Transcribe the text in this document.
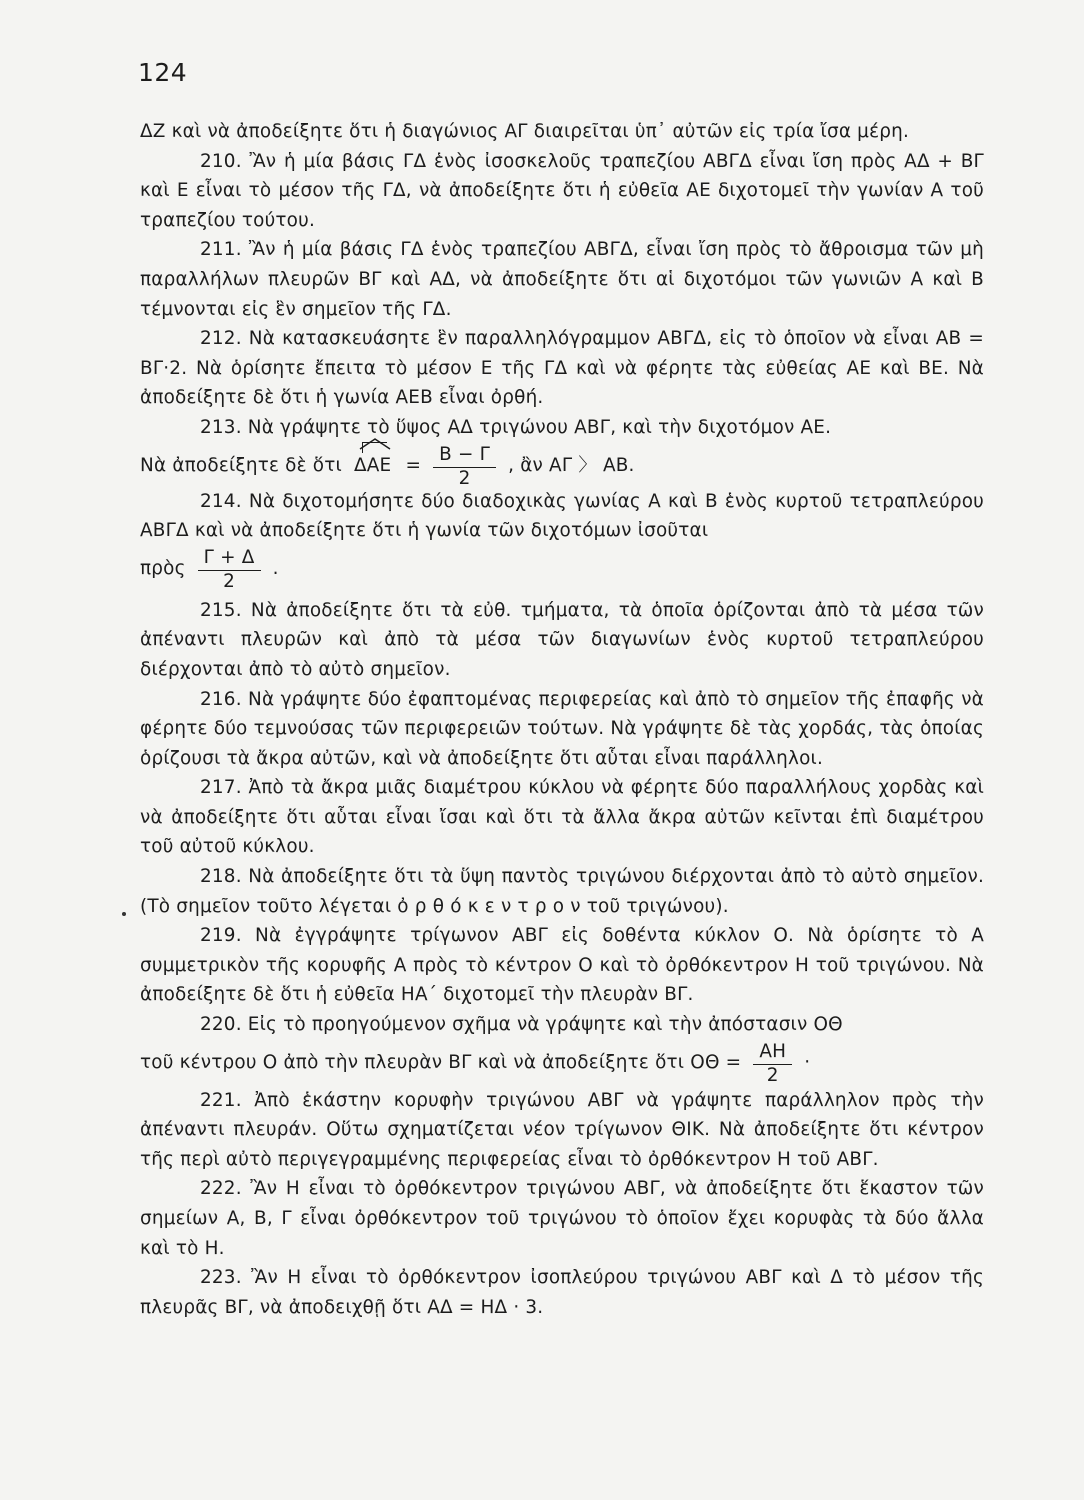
124

ΔΖ καὶ νὰ ἀποδείξητε ὅτι ἡ διαγώνιος ΑΓ διαιρεῖται ὑπ᾽ αὐτῶν εἰς τρία ἴσα μέρη.

210. Ἂν ἡ μία βάσις ΓΔ ἑνὸς ἰσοσκελοῦς τραπεζίου ΑΒΓΔ εἶναι ἴση πρὸς ΑΔ + ΒΓ καὶ Ε εἶναι τὸ μέσον τῆς ΓΔ, νὰ ἀποδείξητε ὅτι ἡ εὐθεῖα ΑΕ διχοτομεῖ τὴν γωνίαν Α τοῦ τραπεζίου τούτου.

211. Ἂν ἡ μία βάσις ΓΔ ἑνὸς τραπεζίου ΑΒΓΔ, εἶναι ἴση πρὸς τὸ ἄθροισμα τῶν μὴ παραλλήλων πλευρῶν ΒΓ καὶ ΑΔ, νὰ ἀποδείξητε ὅτι αἱ διχοτόμοι τῶν γωνιῶν Α καὶ Β τέμνονται εἰς ἓν σημεῖον τῆς ΓΔ.

212. Νὰ κατασκευάσητε ἓν παραλληλόγραμμον ΑΒΓΔ, εἰς τὸ ὁποῖον νὰ εἶναι ΑΒ = ΒΓ·2. Νὰ ὁρίσητε ἔπειτα τὸ μέσον Ε τῆς ΓΔ καὶ νὰ φέρητε τὰς εὐθείας ΑΕ καὶ ΒΕ. Νὰ ἀποδείξητε δὲ ὅτι ἡ γωνία ΑΕΒ εἶναι ὀρθή.

213. Νὰ γράψητε τὸ ὕψος ΑΔ τριγώνου ΑΒΓ, καὶ τὴν διχοτόμον ΑΕ.

Νὰ ἀποδείξητε δὲ ὅτι $\Delta AE = \frac{B - \Gamma}{2}$ , ἂν ΑΓ 〉 ΑΒ.

214. Νὰ διχοτομήσητε δύο διαδοχικὰς γωνίας Α καὶ Β ἑνὸς κυρτοῦ τετραπλεύρου ΑΒΓΔ καὶ νὰ ἀποδείξητε ὅτι ἡ γωνία τῶν διχοτόμων ἰσοῦται

πρὸς $\frac{\Gamma + \Delta}{2}$ .

215. Νὰ ἀποδείξητε ὅτι τὰ εὐθ. τμήματα, τὰ ὁποῖα ὁρίζονται ἀπὸ τὰ μέσα τῶν ἀπέναντι πλευρῶν καὶ ἀπὸ τὰ μέσα τῶν διαγωνίων ἑνὸς κυρτοῦ τετραπλεύρου διέρχονται ἀπὸ τὸ αὐτὸ σημεῖον.

216. Νὰ γράψητε δύο ἐφαπτομένας περιφερείας καὶ ἀπὸ τὸ σημεῖον τῆς ἐπαφῆς νὰ φέρητε δύο τεμνούσας τῶν περιφερειῶν τούτων. Νὰ γράψητε δὲ τὰς χορδάς, τὰς ὁποίας ὁρίζουσι τὰ ἄκρα αὐτῶν, καὶ νὰ ἀποδείξητε ὅτι αὗται εἶναι παράλληλοι.

217. Ἀπὸ τὰ ἄκρα μιᾶς διαμέτρου κύκλου νὰ φέρητε δύο παραλλήλους χορδὰς καὶ νὰ ἀποδείξητε ὅτι αὗται εἶναι ἴσαι καὶ ὅτι τὰ ἄλλα ἄκρα αὐτῶν κεῖνται ἐπὶ διαμέτρου τοῦ αὐτοῦ κύκλου.

218. Νὰ ἀποδείξητε ὅτι τὰ ὕψη παντὸς τριγώνου διέρχονται ἀπὸ τὸ αὐτὸ σημεῖον. (Τὸ σημεῖον τοῦτο λέγεται ὀ ρ θ ό κ ε ν τ ρ ο ν τοῦ τριγώνου).

219. Νὰ ἐγγράψητε τρίγωνον ΑΒΓ εἰς δοθέντα κύκλον Ο. Νὰ ὁρίσητε τὸ Α συμμετρικὸν τῆς κορυφῆς Α πρὸς τὸ κέντρον Ο καὶ τὸ ὀρθόκεντρον Η τοῦ τριγώνου. Νὰ ἀποδείξητε δὲ ὅτι ἡ εὐθεῖα ΗΑ΄ διχοτομεῖ τὴν πλευρὰν ΒΓ.

220. Εἰς τὸ προηγούμενον σχῆμα νὰ γράψητε καὶ τὴν ἀπόστασιν ΟΘ

τοῦ κέντρου Ο ἀπὸ τὴν πλευρὰν ΒΓ καὶ νὰ ἀποδείξητε ὅτι $O\Theta = \frac{AH}{2}$ ·

221. Ἀπὸ ἑκάστην κορυφὴν τριγώνου ΑΒΓ νὰ γράψητε παράλληλον πρὸς τὴν ἀπέναντι πλευράν. Οὕτω σχηματίζεται νέον τρίγωνον ΘΙΚ. Νὰ ἀποδείξητε ὅτι κέντρον τῆς περὶ αὐτὸ περιγεγραμμένης περιφερείας εἶναι τὸ ὀρθόκεντρον Η τοῦ ΑΒΓ.

222. Ἂν Η εἶναι τὸ ὀρθόκεντρον τριγώνου ΑΒΓ, νὰ ἀποδείξητε ὅτι ἕκαστον τῶν σημείων Α, Β, Γ εἶναι ὀρθόκεντρον τοῦ τριγώνου τὸ ὁποῖον ἔχει κορυφὰς τὰ δύο ἄλλα καὶ τὸ Η.

223. Ἂν Η εἶναι τὸ ὀρθόκεντρον ἰσοπλεύρου τριγώνου ΑΒΓ καὶ Δ τὸ μέσον τῆς πλευρᾶς ΒΓ, νὰ ἀποδειχθῇ ὅτι ΑΔ = ΗΔ · 3.
